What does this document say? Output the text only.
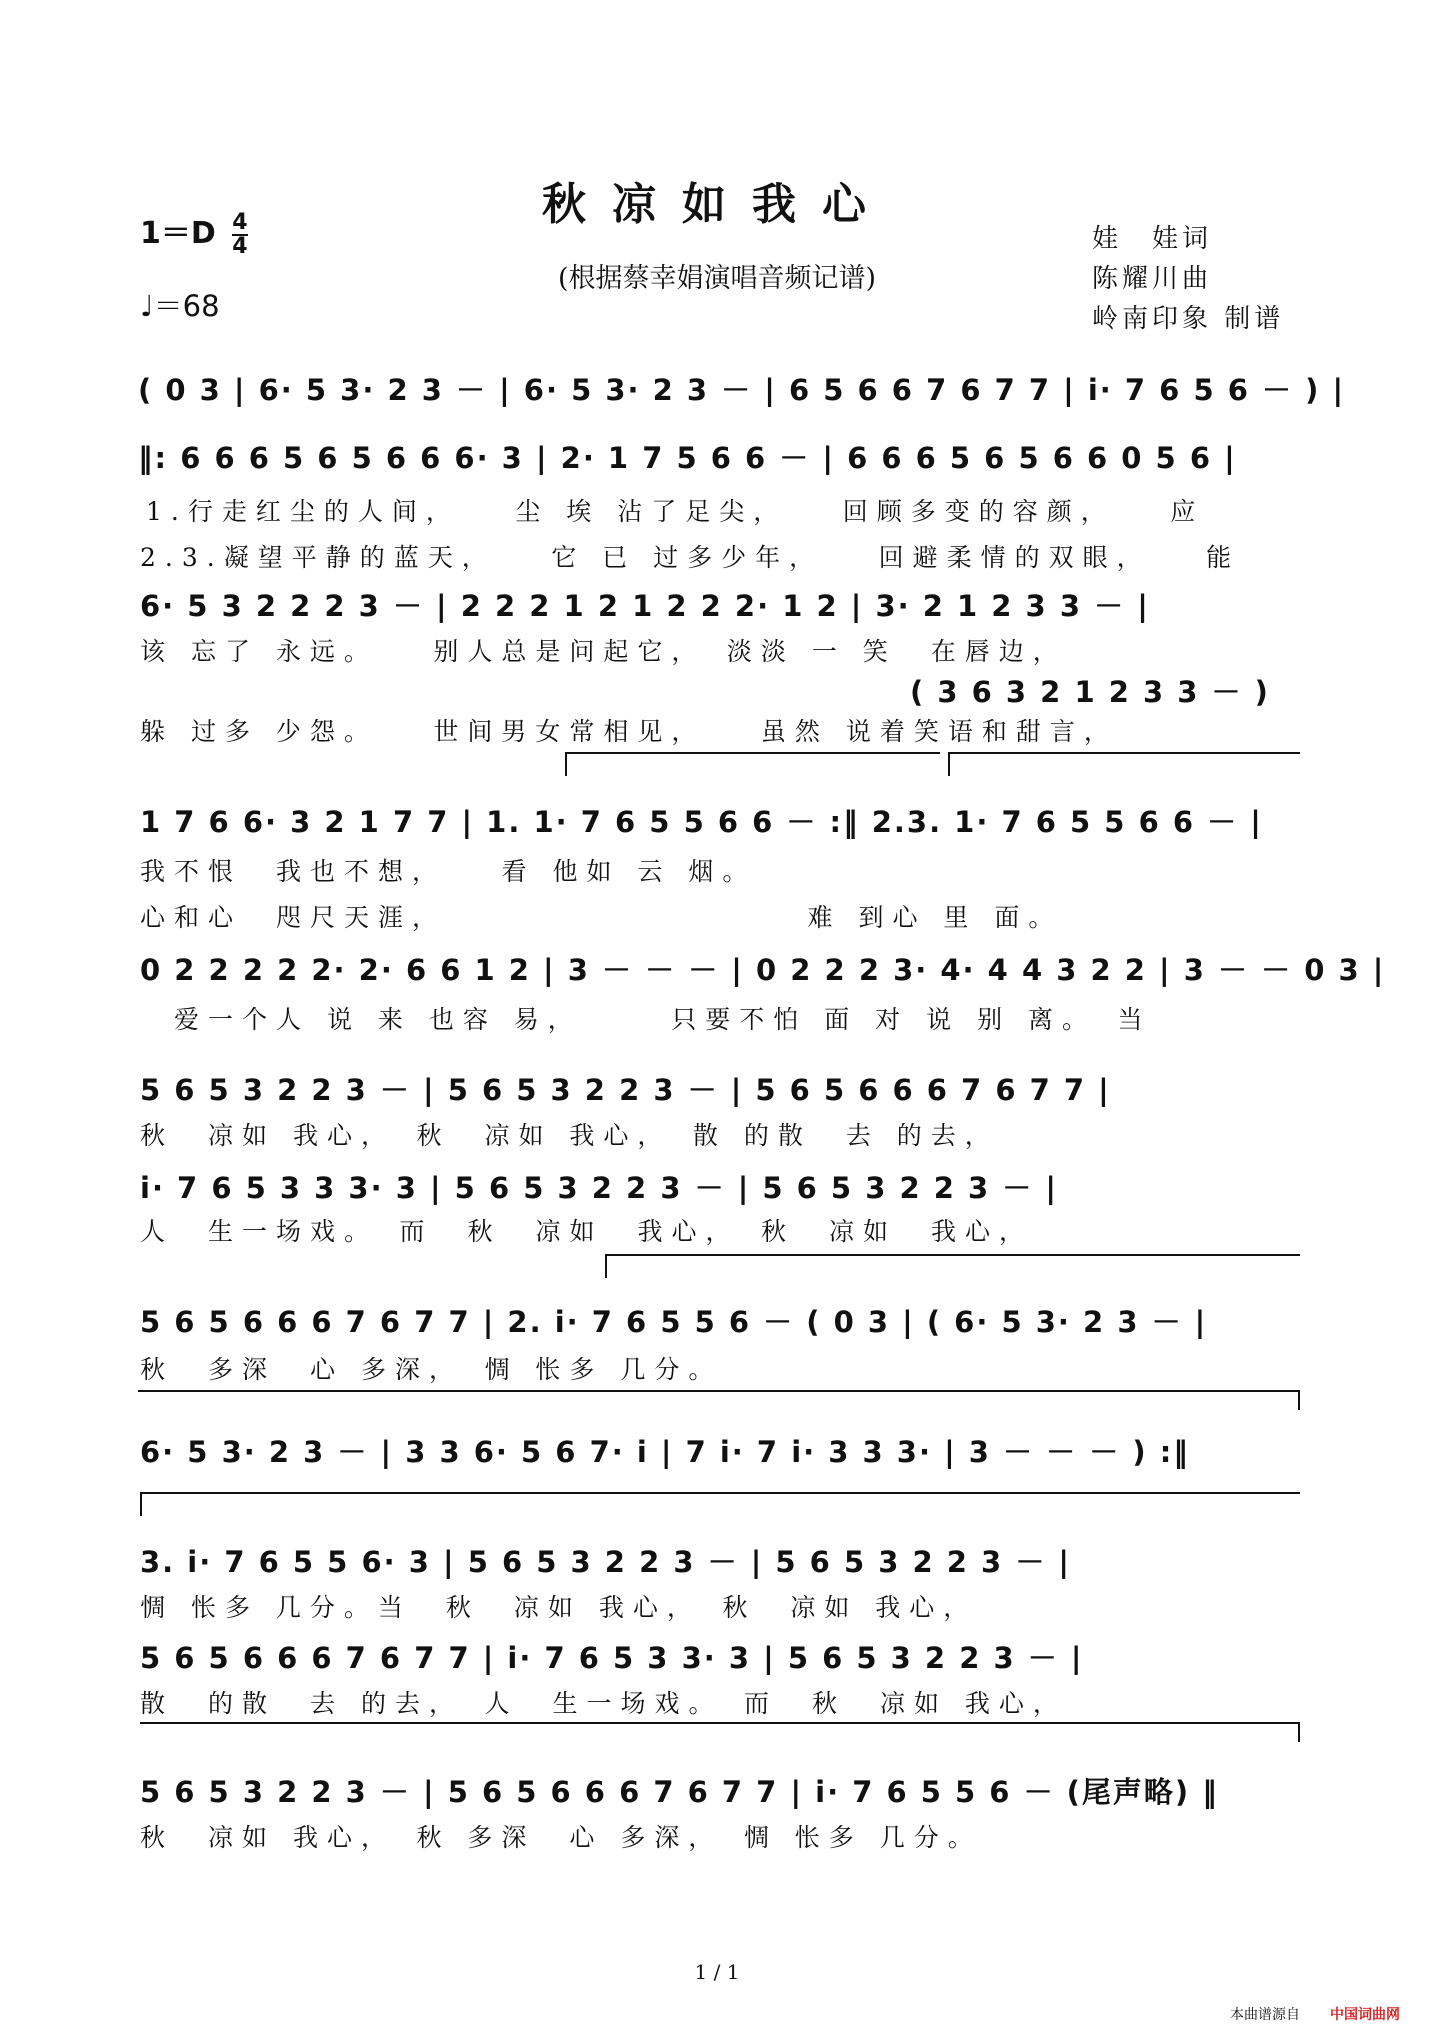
秋凉如我心
(根据蔡幸娟演唱音频记谱)
$1=D \frac{4}{4}$
♩＝68
娃　娃词
陈耀川曲
岭南印象 制谱
( 0 3 | 6· 5 3· 2 3 － | 6· 5 3· 2 3 － | 6 5 6 6 7 6 7 7 | i· 7 6 5 6 － ) |
‖: 6 6 6 5 6 5 6 6 6· 3 | 2· 1 7 5 6 6 － | 6 6 6 5 6 5 6 6 0 5 6 |
1.行走红尘的人间，　　尘 埃 沾了足尖，　　回顾多变的容颜，　　应
2.3.凝望平静的蓝天，　　它 已 过多少年，　　回避柔情的双眼，　　能
6· 5 3 2 2 2 3 － | 2 2 2 1 2 1 2 2 2· 1 2 | 3· 2 1 2 3 3 － |
该 忘了 永远。　　别人总是问起它，　淡淡 一 笑　在唇边，
( 3 6 3 2 1 2 3 3 － )
躲 过多 少怨。　　世间男女常相见，　　虽然 说着笑语和甜言，
1 7 6 6· 3 2 1 7 7 | 1. 1· 7 6 5 5 6 6 － :‖ 2.3. 1· 7 6 5 5 6 6 － |
我不恨　我也不想，　　看 他如 云 烟。
心和心　咫尺天涯，　　　　　　　　　　　难 到心 里 面。
0 2 2 2 2 2· 2· 6 6 1 2 | 3 － － － | 0 2 2 2 3· 4· 4 4 3 2 2 | 3 － － 0 3 |
　爱一个人 说 来 也容 易，　　　只要不怕 面 对 说 别 离。　当
5 6 5 3 2 2 3 － | 5 6 5 3 2 2 3 － | 5 6 5 6 6 6 7 6 7 7 |
秋　凉如 我心，　秋　凉如 我心，　散 的散　去 的去，
i· 7 6 5 3 3 3· 3 | 5 6 5 3 2 2 3 － | 5 6 5 3 2 2 3 － |
人　生一场戏。　而　秋　凉如　我心，　秋　凉如　我心，
5 6 5 6 6 6 7 6 7 7 | 2. i· 7 6 5 5 6 － ( 0 3 | ( 6· 5 3· 2 3 － |
秋　多深　心 多深，　惆 怅多 几分。
6· 5 3· 2 3 － | 3 3 6· 5 6 7· i | 7 i· 7 i· 3 3 3· | 3 － － － ) :‖
3. i· 7 6 5 5 6· 3 | 5 6 5 3 2 2 3 － | 5 6 5 3 2 2 3 － |
惆 怅多 几分。当　秋　凉如 我心，　秋　凉如 我心，
5 6 5 6 6 6 7 6 7 7 | i· 7 6 5 3 3· 3 | 5 6 5 3 2 2 3 － |
散　的散　去 的去，　人　生一场戏。　而　秋　凉如 我心，
5 6 5 3 2 2 3 － | 5 6 5 6 6 6 7 6 7 7 | i· 7 6 5 5 6 － (尾声略) ‖
秋　凉如 我心，　秋 多深　心 多深，　惆 怅多 几分。
1 / 1
本曲谱源自 中国词曲网
